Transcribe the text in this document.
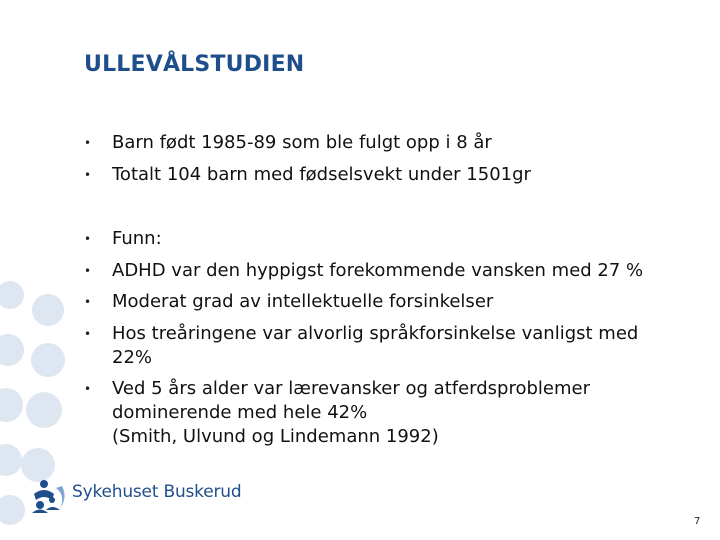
ULLEVÅLSTUDIEN
• Barn født 1985-89 som ble fulgt opp i 8 år
• Totalt 104 barn med fødselsvekt under 1501gr
• Funn:
• ADHD var den hyppigst forekommende vansken med 27 %
• Moderat grad av intellektuelle forsinkelser
• Hos treåringene var alvorlig språkforsinkelse vanligst med 22%
• Ved 5 års alder var lærevansker og atferdsproblemer dominerende med hele 42%
(Smith, Ulvund og Lindemann 1992)
Sykehuset Buskerud
7
